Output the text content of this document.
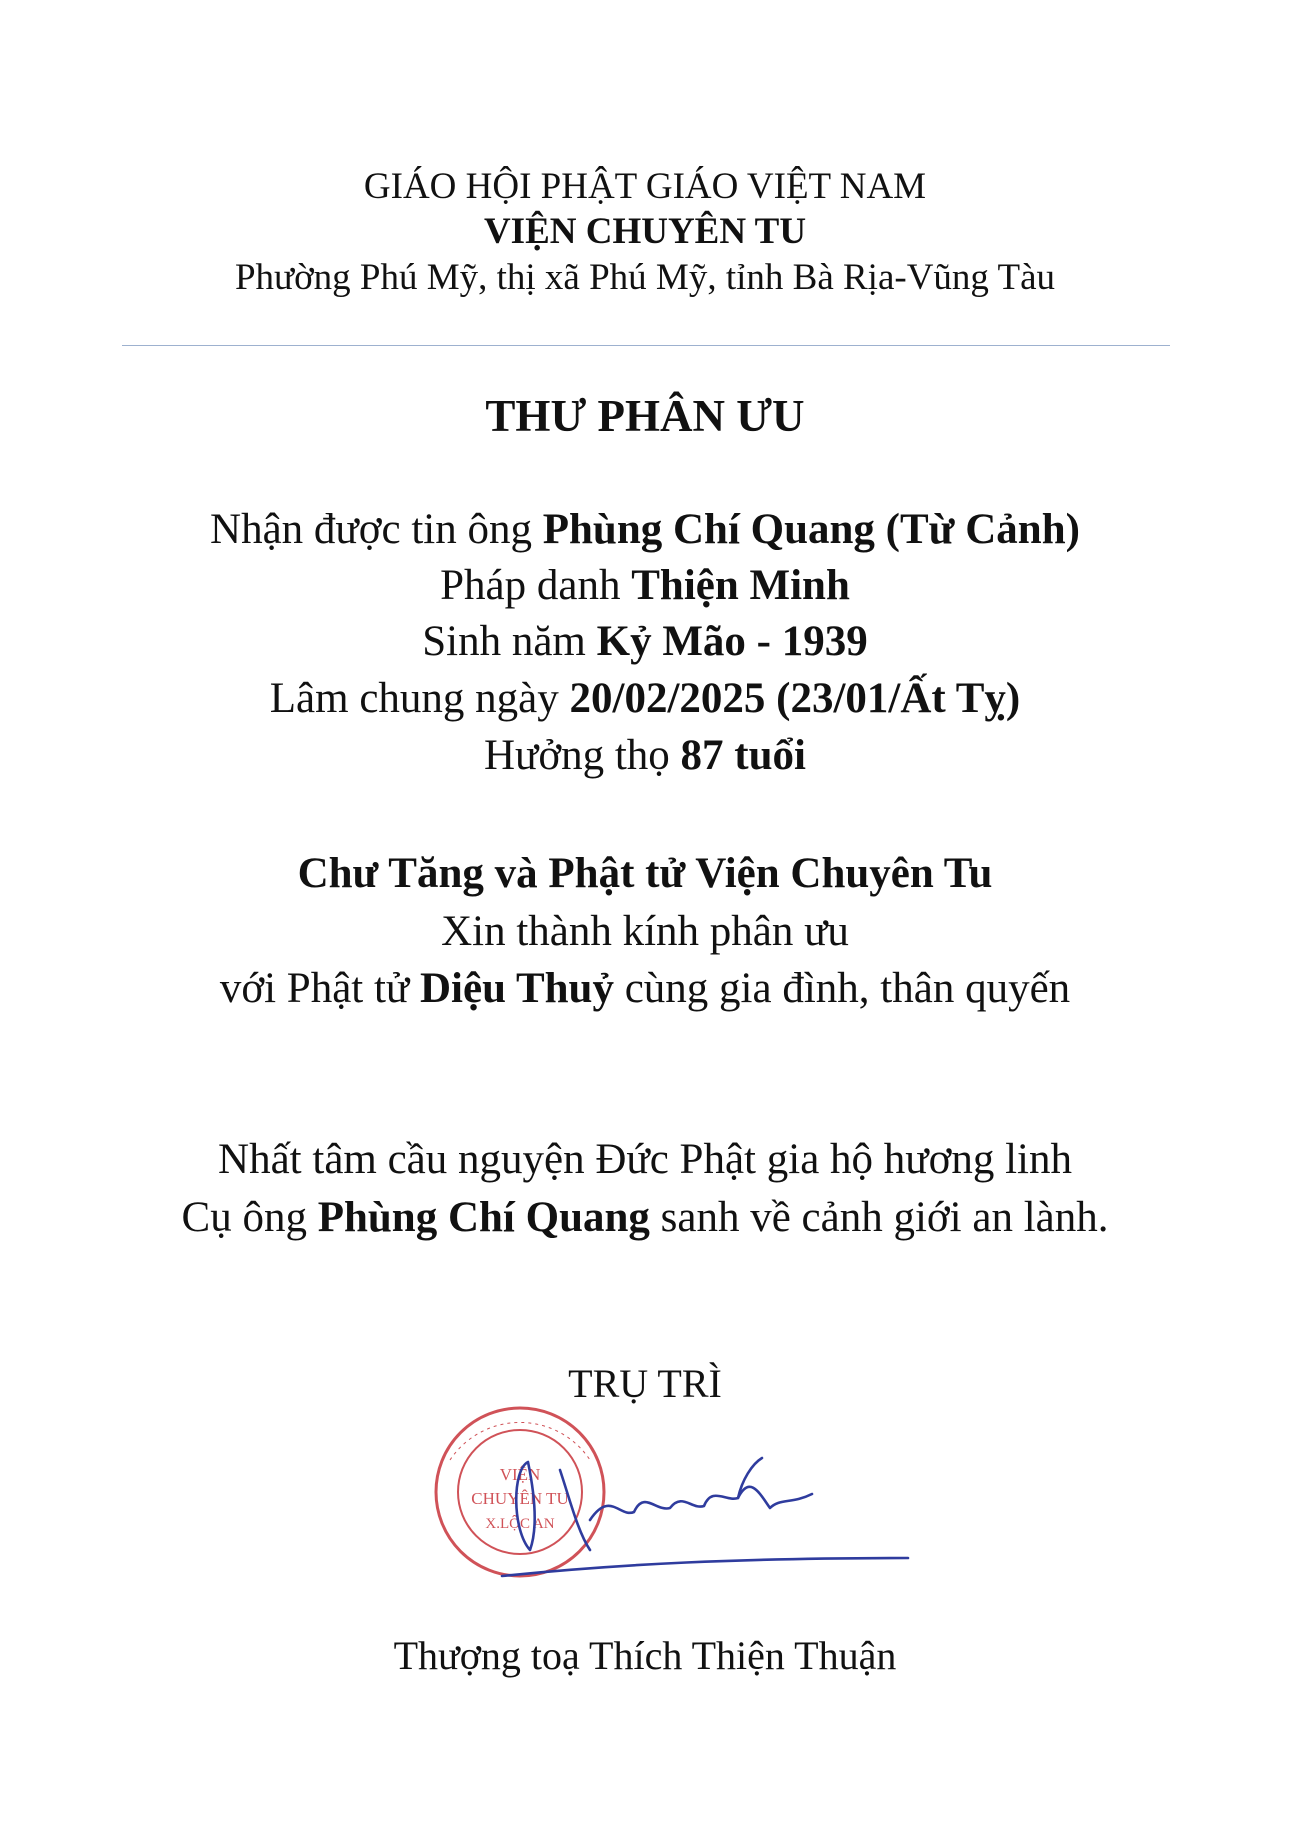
GIÁO HỘI PHẬT GIÁO VIỆT NAM
VIỆN CHUYÊN TU
Phường Phú Mỹ, thị xã Phú Mỹ, tỉnh Bà Rịa-Vũng Tàu
THƯ PHÂN ƯU
Nhận được tin ông Phùng Chí Quang (Từ Cảnh)
Pháp danh Thiện Minh
Sinh năm Kỷ Mão - 1939
Lâm chung ngày 20/02/2025 (23/01/Ất Tỵ)
Hưởng thọ 87 tuổi
Chư Tăng và Phật tử Viện Chuyên Tu
Xin thành kính phân ưu
với Phật tử Diệu Thuỷ cùng gia đình, thân quyến
Nhất tâm cầu nguyện Đức Phật gia hộ hương linh
Cụ ông Phùng Chí Quang sanh về cảnh giới an lành.
TRỤ TRÌ
VIỆN
CHUYÊN TU
X.LỘC AN
Thượng toạ Thích Thiện Thuận
